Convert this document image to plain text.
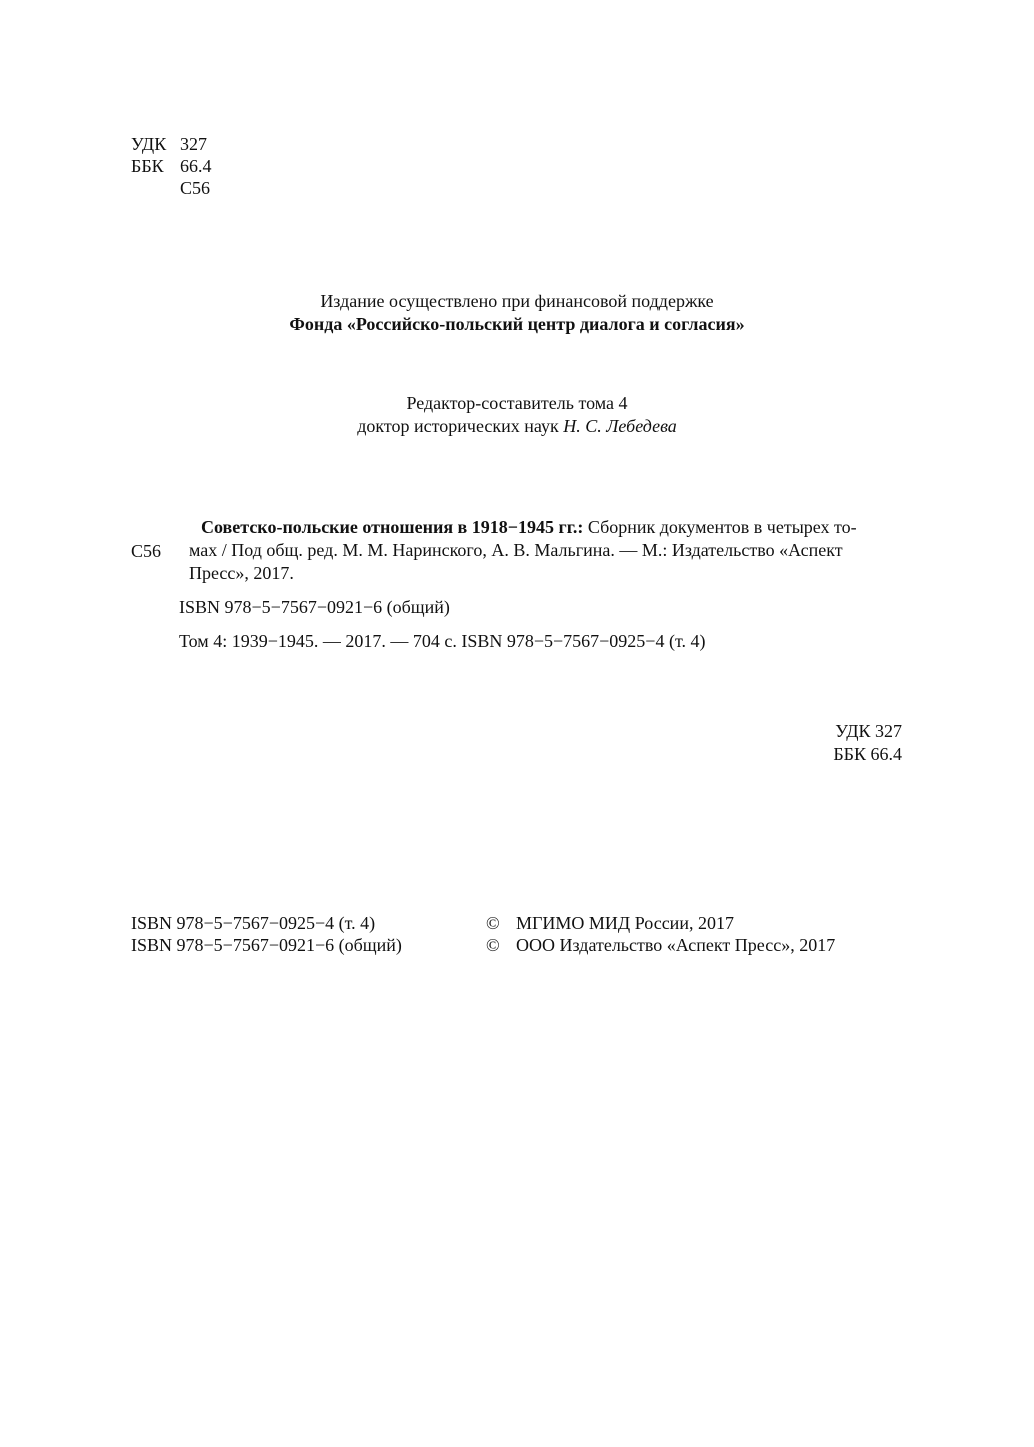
УДК 327
ББК 66.4
С56
Издание осуществлено при финансовой поддержке
Фонда «Российско-польский центр диалога и согласия»
Редактор-составитель тома 4
доктор исторических наук Н. С. Лебедева
С56
Советско-польские отношения в 1918−1945 гг.: Сборник документов в четырех то-
мах / Под общ. ред. М. М. Наринского, А. В. Мальгина. — М.: Издательство «Аспект
Пресс», 2017.
ISBN 978−5−7567−0921−6 (общий)
Том 4: 1939−1945. — 2017. — 704 с. ISBN 978−5−7567−0925−4 (т. 4)
УДК 327
ББК 66.4
ISBN 978−5−7567−0925−4 (т. 4)
ISBN 978−5−7567−0921−6 (общий)
© МГИМО МИД России, 2017
© ООО Издательство «Аспект Пресс», 2017
